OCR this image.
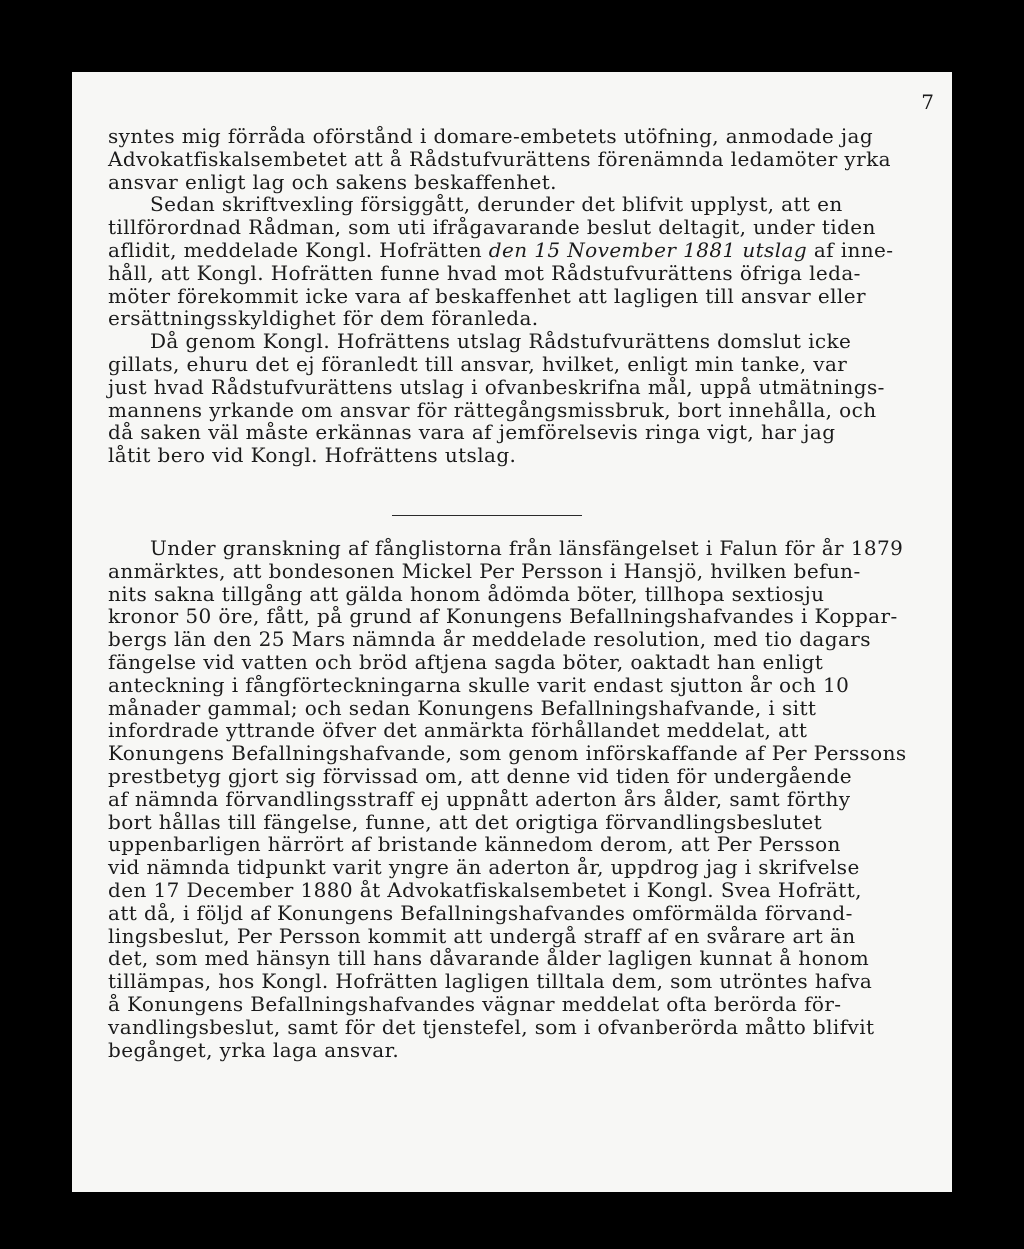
7
syntes mig förråda oförstånd i domare-embetets utöfning, anmodade jag
Advokatfiskalsembetet att å Rådstufvurättens förenämnda ledamöter yrka
ansvar enligt lag och sakens beskaffenhet.
Sedan skriftvexling försiggått, derunder det blifvit upplyst, att en
tillförordnad Rådman, som uti ifrågavarande beslut deltagit, under tiden
aflidit, meddelade Kongl. Hofrätten den 15 November 1881 utslag af inne-
håll, att Kongl. Hofrätten funne hvad mot Rådstufvurättens öfriga leda-
möter förekommit icke vara af beskaffenhet att lagligen till ansvar eller
ersättningsskyldighet för dem föranleda.
Då genom Kongl. Hofrättens utslag Rådstufvurättens domslut icke
gillats, ehuru det ej föranledt till ansvar, hvilket, enligt min tanke, var
just hvad Rådstufvurättens utslag i ofvanbeskrifna mål, uppå utmätnings-
mannens yrkande om ansvar för rättegångsmissbruk, bort innehålla, och
då saken väl måste erkännas vara af jemförelsevis ringa vigt, har jag
låtit bero vid Kongl. Hofrättens utslag.
Under granskning af fånglistorna från länsfängelset i Falun för år 1879
anmärktes, att bondesonen Mickel Per Persson i Hansjö, hvilken befun-
nits sakna tillgång att gälda honom ådömda böter, tillhopa sextiosju
kronor 50 öre, fått, på grund af Konungens Befallningshafvandes i Koppar-
bergs län den 25 Mars nämnda år meddelade resolution, med tio dagars
fängelse vid vatten och bröd aftjena sagda böter, oaktadt han enligt
anteckning i fångförteckningarna skulle varit endast sjutton år och 10
månader gammal; och sedan Konungens Befallningshafvande, i sitt
infordrade yttrande öfver det anmärkta förhållandet meddelat, att
Konungens Befallningshafvande, som genom införskaffande af Per Perssons
prestbetyg gjort sig förvissad om, att denne vid tiden för undergående
af nämnda förvandlingsstraff ej uppnått aderton års ålder, samt förthy
bort hållas till fängelse, funne, att det origtiga förvandlingsbeslutet
uppenbarligen härrört af bristande kännedom derom, att Per Persson
vid nämnda tidpunkt varit yngre än aderton år, uppdrog jag i skrifvelse
den 17 December 1880 åt Advokatfiskalsembetet i Kongl. Svea Hofrätt,
att då, i följd af Konungens Befallningshafvandes omförmälda förvand-
lingsbeslut, Per Persson kommit att undergå straff af en svårare art än
det, som med hänsyn till hans dåvarande ålder lagligen kunnat å honom
tillämpas, hos Kongl. Hofrätten lagligen tilltala dem, som utröntes hafva
å Konungens Befallningshafvandes vägnar meddelat ofta berörda för-
vandlingsbeslut, samt för det tjenstefel, som i ofvanberörda måtto blifvit
begånget, yrka laga ansvar.
